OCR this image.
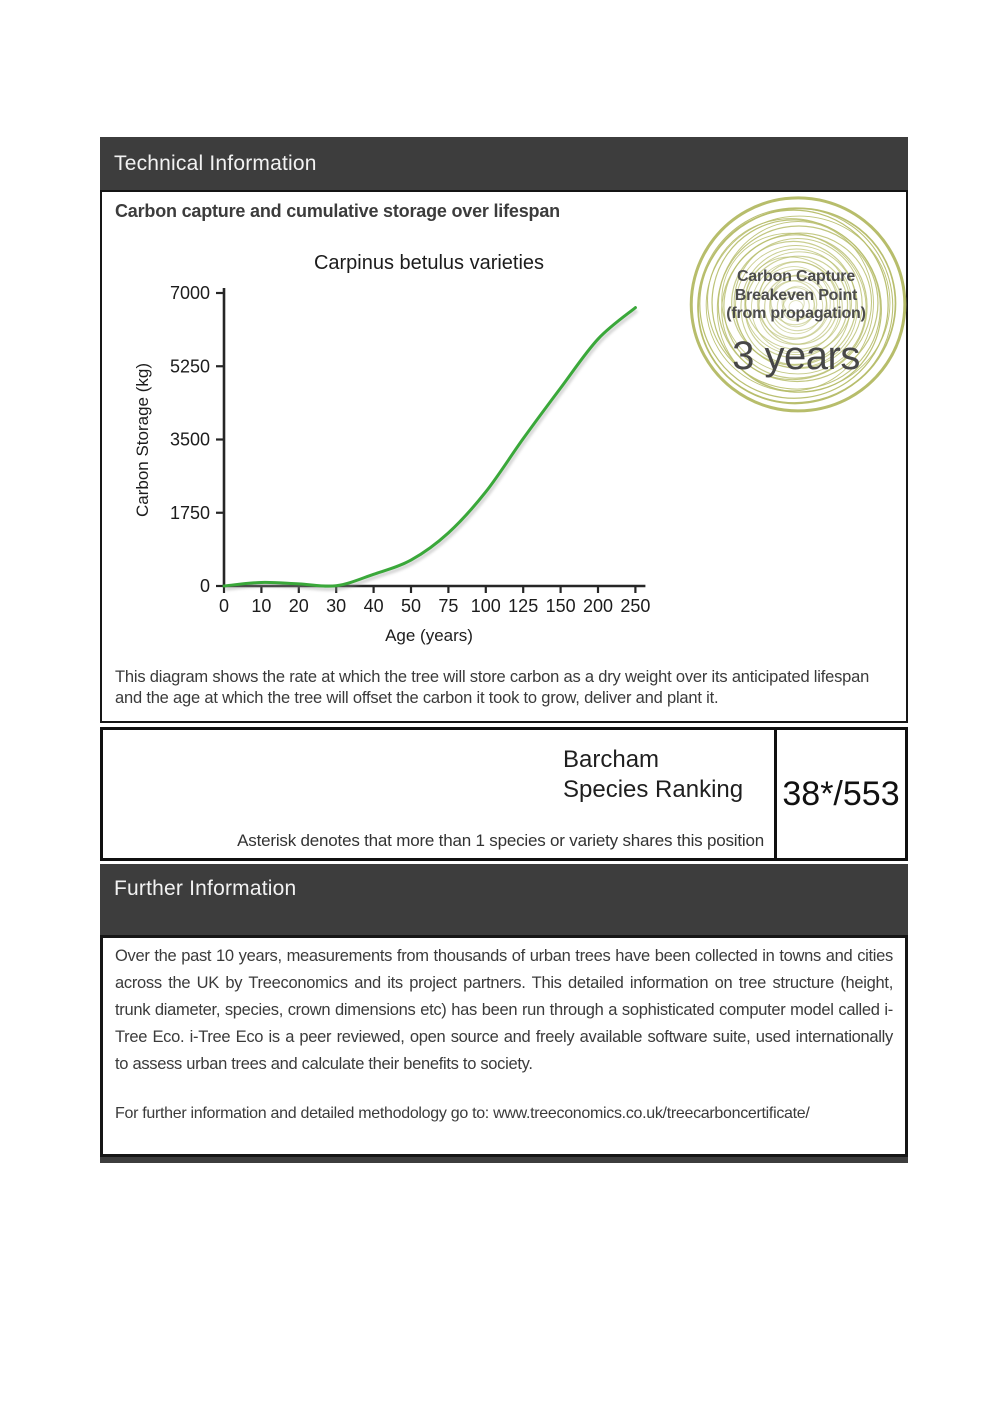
Technical Information
Carbon capture and cumulative storage over lifespan
Carpinus betulus varieties
Age (years)
Carbon Storage (kg)
0 10 20 30 40 50 75 100 125 150 200 250
0
1750
3500
5250
7000
Carbon Capture
Breakeven Point
(from propagation)
3 years

This diagram shows the rate at which the tree will store carbon as a dry weight over its anticipated lifespan and the age at which the tree will offset the carbon it took to grow, deliver and plant it.

Barcham
Species Ranking
Asterisk denotes that more than 1 species or variety shares this position
38*/553
Further Information

Over the past 10 years, measurements from thousands of urban trees have been collected in towns and cities across the UK by Treeconomics and its project partners. This detailed information on tree structure (height, trunk diameter, species, crown dimensions etc) has been run through a sophisticated computer model called i-Tree Eco. i-Tree Eco is a peer reviewed, open source and freely available software suite, used internationally to assess urban trees and calculate their benefits to society.

For further information and detailed methodology go to: www.treeconomics.co.uk/treecarboncertificate/
